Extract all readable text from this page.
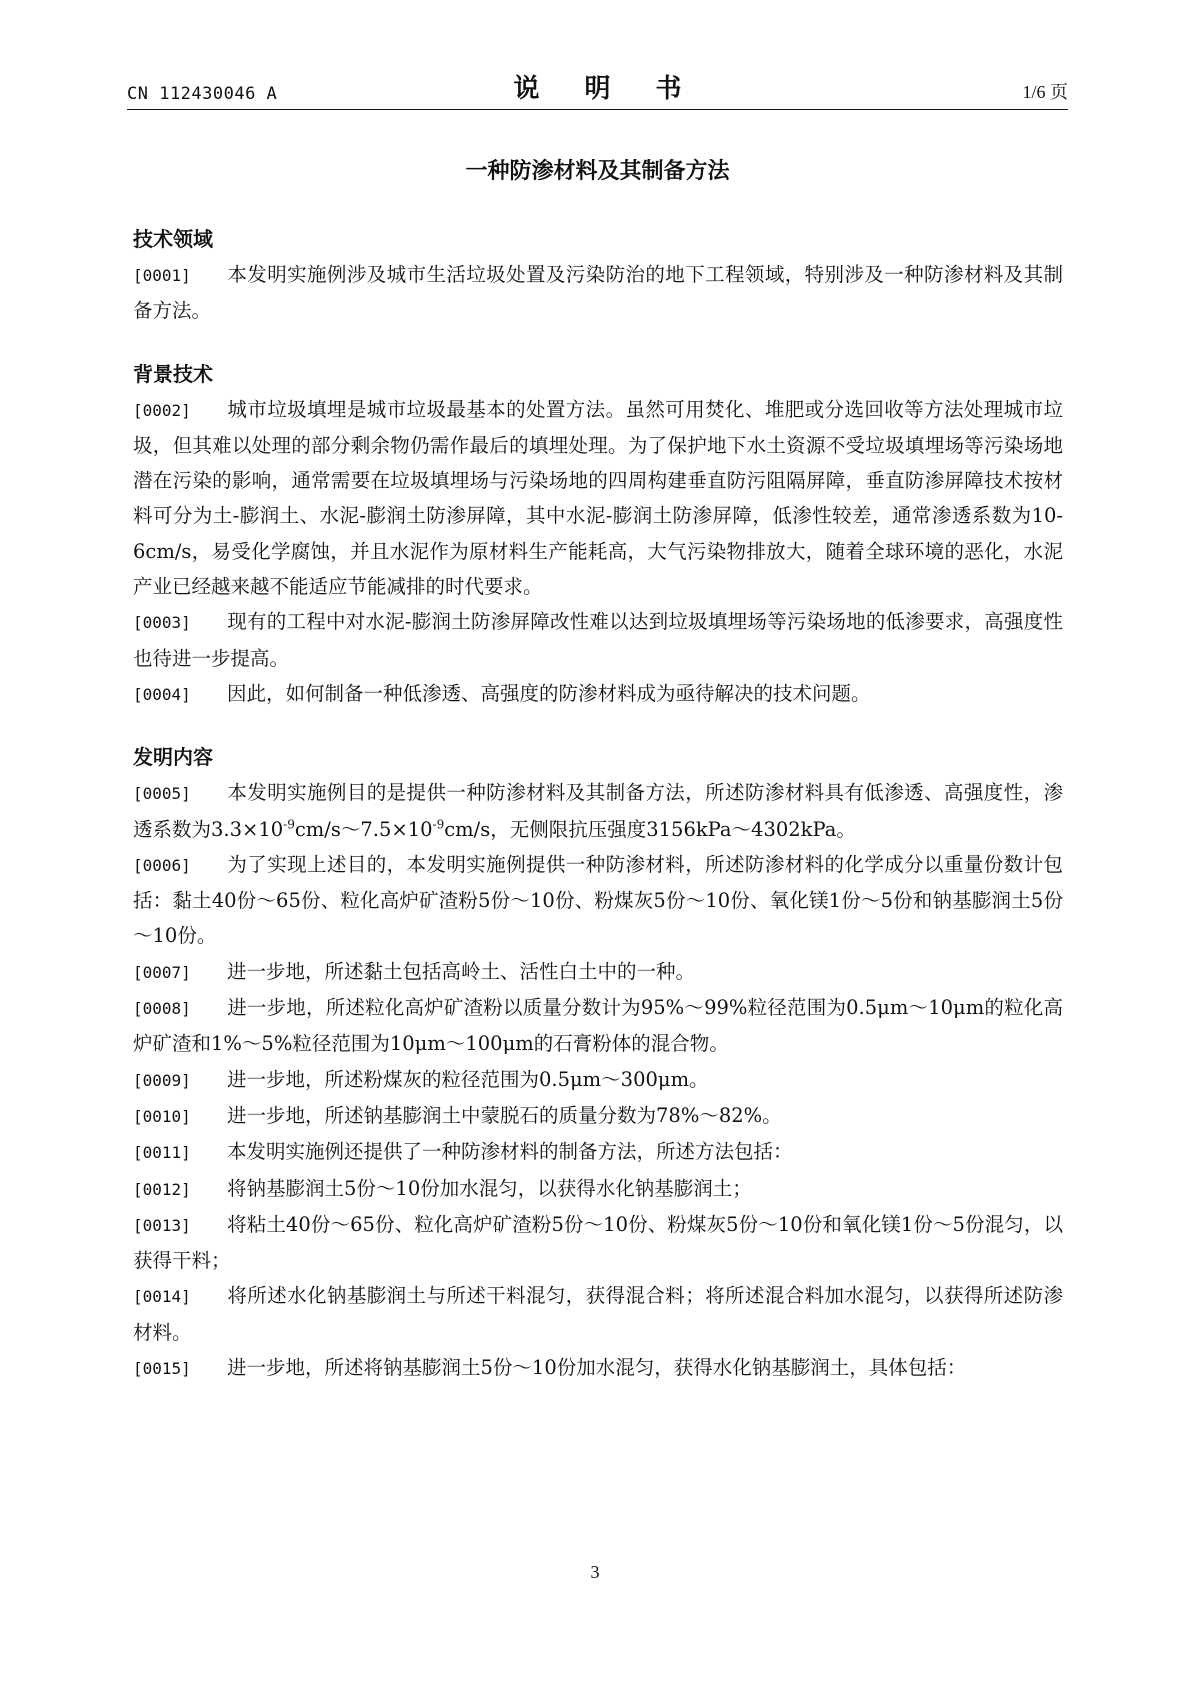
CN 112430046 A	说 明 书	1/6 页
一种防渗材料及其制备方法

技术领域

[0001] 本发明实施例涉及城市生活垃圾处置及污染防治的地下工程领域，特别涉及一种防渗材料及其制备方法。

背景技术

[0002] 城市垃圾填埋是城市垃圾最基本的处置方法。虽然可用焚化、堆肥或分选回收等方法处理城市垃圾，但其难以处理的部分剩余物仍需作最后的填埋处理。为了保护地下水土资源不受垃圾填埋场等污染场地潜在污染的影响，通常需要在垃圾填埋场与污染场地的四周构建垂直防污阻隔屏障，垂直防渗屏障技术按材料可分为土-膨润土、水泥-膨润土防渗屏障，其中水泥-膨润土防渗屏障，低渗性较差，通常渗透系数为10-6cm/s，易受化学腐蚀，并且水泥作为原材料生产能耗高，大气污染物排放大，随着全球环境的恶化，水泥产业已经越来越不能适应节能减排的时代要求。

[0003] 现有的工程中对水泥-膨润土防渗屏障改性难以达到垃圾填埋场等污染场地的低渗要求，高强度性也待进一步提高。

[0004] 因此，如何制备一种低渗透、高强度的防渗材料成为亟待解决的技术问题。

发明内容

[0005] 本发明实施例目的是提供一种防渗材料及其制备方法，所述防渗材料具有低渗透、高强度性，渗透系数为$3.3\times 10^{-9}cm/s\sim 7.5\times 10^{-9}cm/s$，无侧限抗压强度3156kPa～4302kPa。

[0006] 为了实现上述目的，本发明实施例提供一种防渗材料，所述防渗材料的化学成分以重量份数计包括：黏土40份～65份、粒化高炉矿渣粉5份～10份、粉煤灰5份～10份、氧化镁1份～5份和钠基膨润土5份～10份。

[0007] 进一步地，所述黏土包括高岭土、活性白土中的一种。

[0008] 进一步地，所述粒化高炉矿渣粉以质量分数计为95%～99%粒径范围为0.5μm～10μm的粒化高炉矿渣和1%～5%粒径范围为10μm～100μm的石膏粉体的混合物。

[0009] 进一步地，所述粉煤灰的粒径范围为0.5μm～300μm。

[0010] 进一步地，所述钠基膨润土中蒙脱石的质量分数为78%～82%。

[0011] 本发明实施例还提供了一种防渗材料的制备方法，所述方法包括：

[0012] 将钠基膨润土5份～10份加水混匀，以获得水化钠基膨润土；

[0013] 将粘土40份～65份、粒化高炉矿渣粉5份～10份、粉煤灰5份～10份和氧化镁1份～5份混匀，以获得干料；

[0014] 将所述水化钠基膨润土与所述干料混匀，获得混合料；将所述混合料加水混匀，以获得所述防渗材料。

[0015] 进一步地，所述将钠基膨润土5份～10份加水混匀，获得水化钠基膨润土，具体包括：

3
